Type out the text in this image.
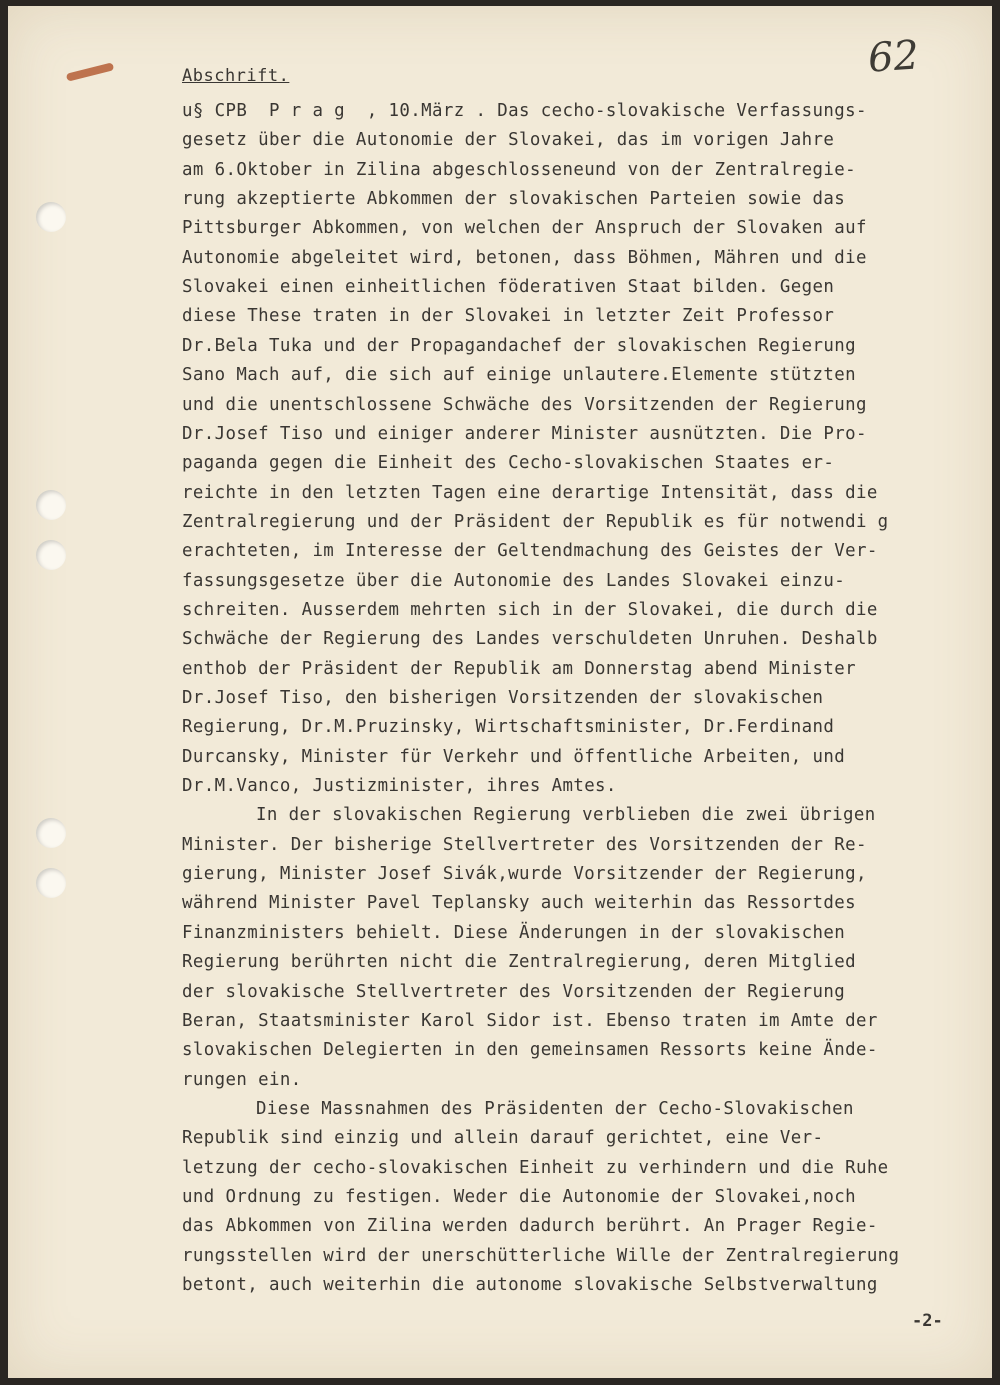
62
Abschrift.
u§ CPB  P r a g  , 10.März . Das cecho-slovakische Verfassungs-
gesetz über die Autonomie der Slovakei, das im vorigen Jahre
am 6.Oktober in Zilina abgeschlosseneund von der Zentralregie-
rung akzeptierte Abkommen der slovakischen Parteien sowie das
Pittsburger Abkommen, von welchen der Anspruch der Slovaken auf
Autonomie abgeleitet wird, betonen, dass Böhmen, Mähren und die
Slovakei einen einheitlichen föderativen Staat bilden. Gegen
diese These traten in der Slovakei in letzter Zeit Professor
Dr.Bela Tuka und der Propagandachef der slovakischen Regierung
Sano Mach auf, die sich auf einige unlautere.Elemente stützten
und die unentschlossene Schwäche des Vorsitzenden der Regierung
Dr.Josef Tiso und einiger anderer Minister ausnützten. Die Pro-
paganda gegen die Einheit des Cecho-slovakischen Staates er-
reichte in den letzten Tagen eine derartige Intensität, dass die
Zentralregierung und der Präsident der Republik es für notwendi g
erachteten, im Interesse der Geltendmachung des Geistes der Ver-
fassungsgesetze über die Autonomie des Landes Slovakei einzu-
schreiten. Ausserdem mehrten sich in der Slovakei, die durch die
Schwäche der Regierung des Landes verschuldeten Unruhen. Deshalb
enthob der Präsident der Republik am Donnerstag abend Minister
Dr.Josef Tiso, den bisherigen Vorsitzenden der slovakischen
Regierung, Dr.M.Pruzinsky, Wirtschaftsminister, Dr.Ferdinand
Durcansky, Minister für Verkehr und öffentliche Arbeiten, und
Dr.M.Vanco, Justizminister, ihres Amtes.
In der slovakischen Regierung verblieben die zwei übrigen
Minister. Der bisherige Stellvertreter des Vorsitzenden der Re-
gierung, Minister Josef Sivák,wurde Vorsitzender der Regierung,
während Minister Pavel Teplansky auch weiterhin das Ressortdes
Finanzministers behielt. Diese Änderungen in der slovakischen
Regierung berührten nicht die Zentralregierung, deren Mitglied
der slovakische Stellvertreter des Vorsitzenden der Regierung
Beran, Staatsminister Karol Sidor ist. Ebenso traten im Amte der
slovakischen Delegierten in den gemeinsamen Ressorts keine Ände-
rungen ein.
Diese Massnahmen des Präsidenten der Cecho-Slovakischen
Republik sind einzig und allein darauf gerichtet, eine Ver-
letzung der cecho-slovakischen Einheit zu verhindern und die Ruhe
und Ordnung zu festigen. Weder die Autonomie der Slovakei,noch
das Abkommen von Zilina werden dadurch berührt. An Prager Regie-
rungsstellen wird der unerschütterliche Wille der Zentralregierung
betont, auch weiterhin die autonome slovakische Selbstverwaltung
-2-
